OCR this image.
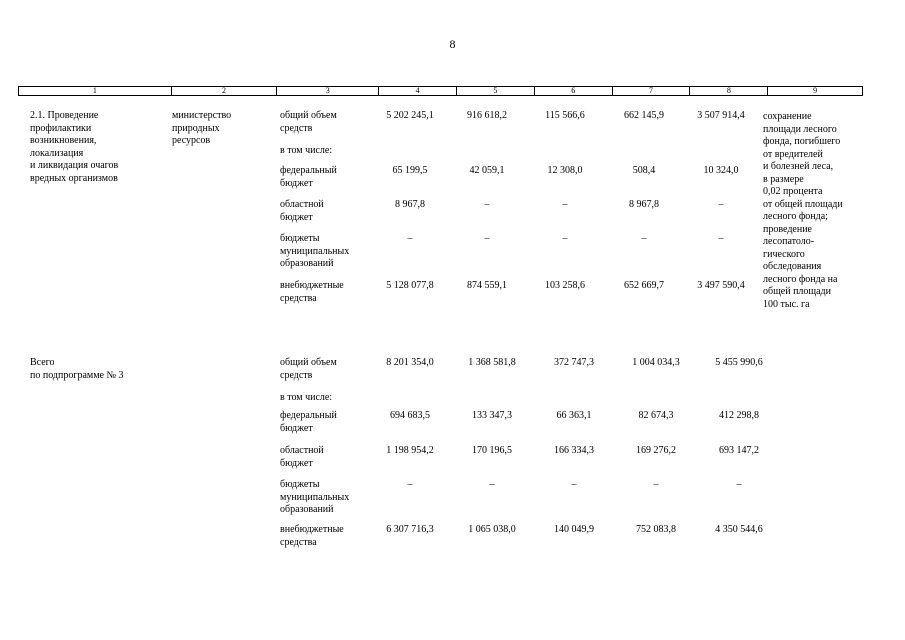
8
1	2	3	4	5	6	7	8	9
2.1. Проведение
профилактики
возникновения,
локализация
и ликвидация очагов
вредных организмов
министерство
природных
ресурсов
общий объем
средств
5 202 245,1	916 618,2	115 566,6	662 145,9	3 507 914,4
в том числе:
федеральный
бюджет
65 199,5	42 059,1	12 308,0	508,4	10 324,0
областной
бюджет
8 967,8	–	–	8 967,8	–
бюджеты
муниципальных
образований
–	–	–	–	–
внебюджетные
средства
5 128 077,8	874 559,1	103 258,6	652 669,7	3 497 590,4
сохранение
площади лесного
фонда, погибшего
от вредителей
и болезней леса,
в размере
0,02 процента
от общей площади
лесного фонда;
проведение
лесопатоло-
гического
обследования
лесного фонда на
общей площади
100 тыс. га
Всего
по подпрограмме № 3
общий объем
средств
8 201 354,0	1 368 581,8	372 747,3	1 004 034,3	5 455 990,6
в том числе:
федеральный
бюджет
694 683,5	133 347,3	66 363,1	82 674,3	412 298,8
областной
бюджет
1 198 954,2	170 196,5	166 334,3	169 276,2	693 147,2
бюджеты
муниципальных
образований
–	–	–	–	–
внебюджетные
средства
6 307 716,3	1 065 038,0	140 049,9	752 083,8	4 350 544,6
